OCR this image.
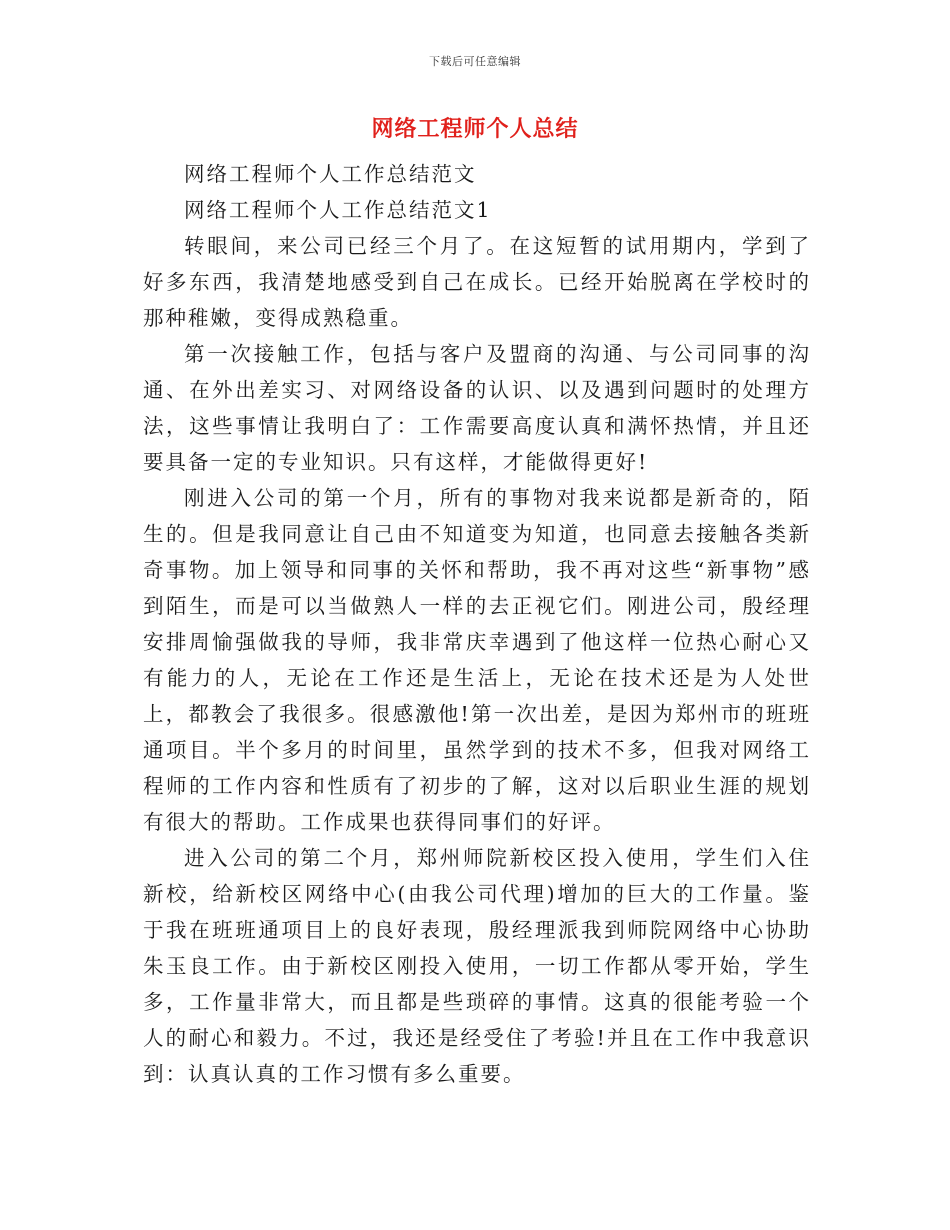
下载后可任意编辑
网络工程师个人总结

网络工程师个人工作总结范文

网络工程师个人工作总结范文1

转眼间，来公司已经三个月了。在这短暂的试用期内，学到了好多东西，我清楚地感受到自己在成长。已经开始脱离在学校时的那种稚嫩，变得成熟稳重。

第一次接触工作，包括与客户及盟商的沟通、与公司同事的沟通、在外出差实习、对网络设备的认识、以及遇到问题时的处理方法，这些事情让我明白了：工作需要高度认真和满怀热情，并且还要具备一定的专业知识。只有这样，才能做得更好!

刚进入公司的第一个月，所有的事物对我来说都是新奇的，陌生的。但是我同意让自己由不知道变为知道，也同意去接触各类新奇事物。加上领导和同事的关怀和帮助，我不再对这些“新事物”感到陌生，而是可以当做熟人一样的去正视它们。刚进公司，殷经理安排周愉强做我的导师，我非常庆幸遇到了他这样一位热心耐心又有能力的人，无论在工作还是生活上，无论在技术还是为人处世上，都教会了我很多。很感激他!第一次出差，是因为郑州市的班班通项目。半个多月的时间里，虽然学到的技术不多，但我对网络工程师的工作内容和性质有了初步的了解，这对以后职业生涯的规划有很大的帮助。工作成果也获得同事们的好评。

进入公司的第二个月，郑州师院新校区投入使用，学生们入住新校，给新校区网络中心(由我公司代理)增加的巨大的工作量。鉴于我在班班通项目上的良好表现，殷经理派我到师院网络中心协助朱玉良工作。由于新校区刚投入使用，一切工作都从零开始，学生多，工作量非常大，而且都是些琐碎的事情。这真的很能考验一个人的耐心和毅力。不过，我还是经受住了考验!并且在工作中我意识到：认真认真的工作习惯有多么重要。
